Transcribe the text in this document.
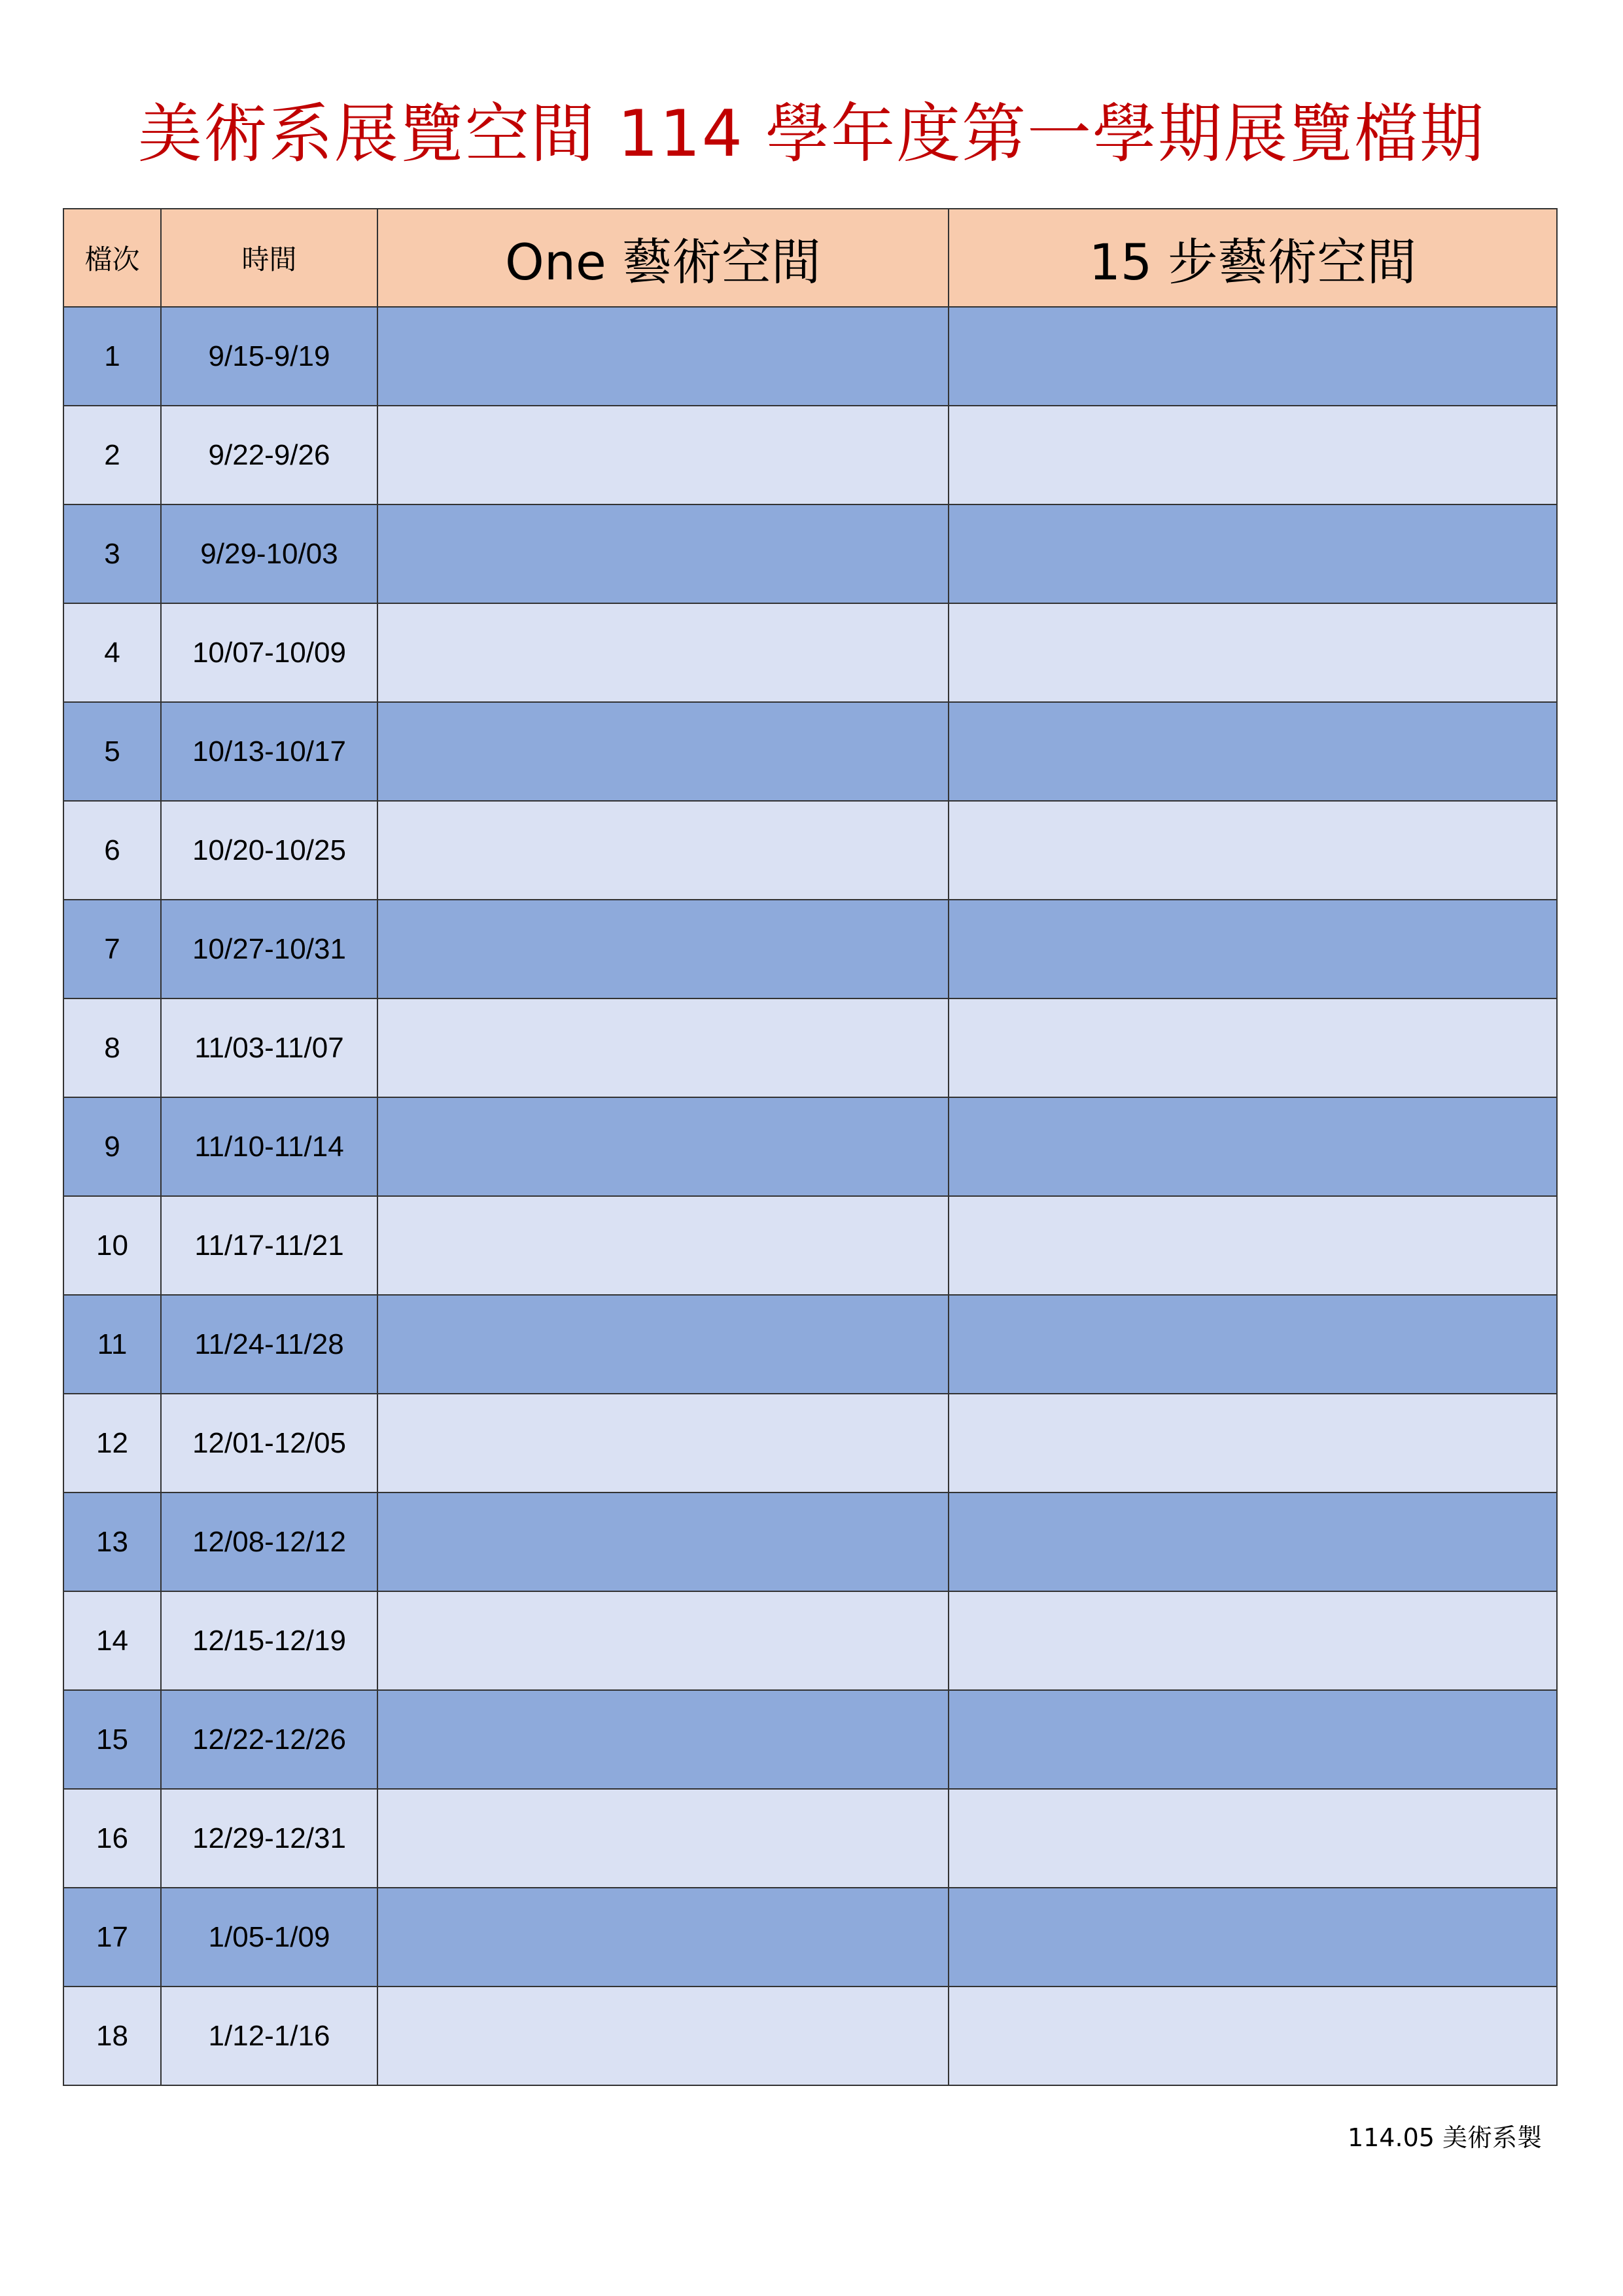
美術系展覽空間 114 學年度第一學期展覽檔期
檔次	時間	One 藝術空間	15 步藝術空間
1	9/15-9/19		
2	9/22-9/26		
3	9/29-10/03		
4	10/07-10/09		
5	10/13-10/17		
6	10/20-10/25		
7	10/27-10/31		
8	11/03-11/07		
9	11/10-11/14		
10	11/17-11/21		
11	11/24-11/28		
12	12/01-12/05		
13	12/08-12/12		
14	12/15-12/19		
15	12/22-12/26		
16	12/29-12/31		
17	1/05-1/09		
18	1/12-1/16		
114.05 美術系製
